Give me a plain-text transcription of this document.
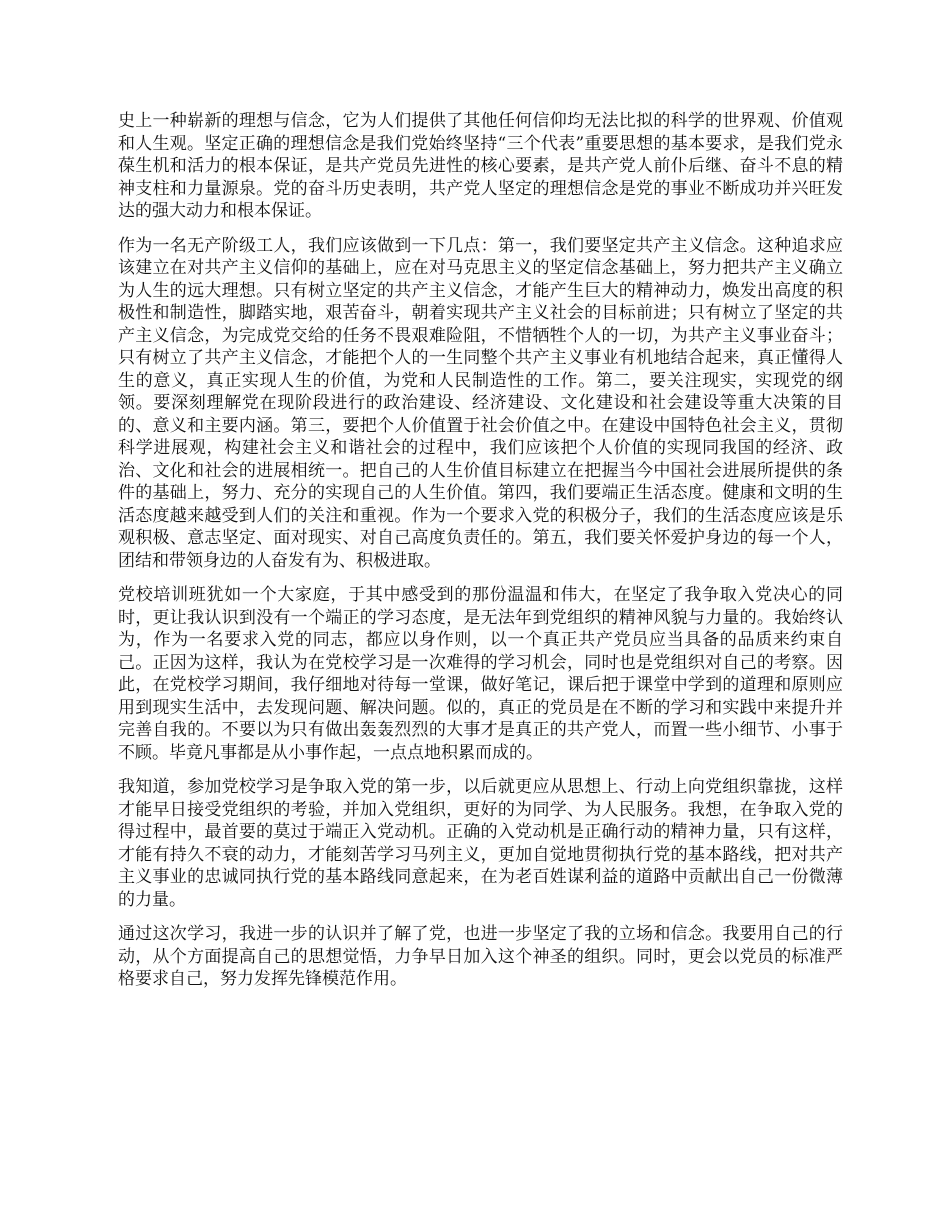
史上一种崭新的理想与信念，它为人们提供了其他任何信仰均无法比拟的科学的世界观、价值观和人生观。坚定正确的理想信念是我们党始终坚持“三个代表”重要思想的基本要求，是我们党永葆生机和活力的根本保证，是共产党员先进性的核心要素，是共产党人前仆后继、奋斗不息的精神支柱和力量源泉。党的奋斗历史表明，共产党人坚定的理想信念是党的事业不断成功并兴旺发达的强大动力和根本保证。

作为一名无产阶级工人，我们应该做到一下几点：第一，我们要坚定共产主义信念。这种追求应该建立在对共产主义信仰的基础上，应在对马克思主义的坚定信念基础上，努力把共产主义确立为人生的远大理想。只有树立坚定的共产主义信念，才能产生巨大的精神动力，焕发出高度的积极性和制造性，脚踏实地，艰苦奋斗，朝着实现共产主义社会的目标前进；只有树立了坚定的共产主义信念，为完成党交给的任务不畏艰难险阻，不惜牺牲个人的一切，为共产主义事业奋斗；只有树立了共产主义信念，才能把个人的一生同整个共产主义事业有机地结合起来，真正懂得人生的意义，真正实现人生的价值，为党和人民制造性的工作。第二，要关注现实，实现党的纲领。要深刻理解党在现阶段进行的政治建设、经济建设、文化建设和社会建设等重大决策的目的、意义和主要内涵。第三，要把个人价值置于社会价值之中。在建设中国特色社会主义，贯彻科学进展观，构建社会主义和谐社会的过程中，我们应该把个人价值的实现同我国的经济、政治、文化和社会的进展相统一。把自己的人生价值目标建立在把握当今中国社会进展所提供的条件的基础上，努力、充分的实现自己的人生价值。第四，我们要端正生活态度。健康和文明的生活态度越来越受到人们的关注和重视。作为一个要求入党的积极分子，我们的生活态度应该是乐观积极、意志坚定、面对现实、对自己高度负责任的。第五，我们要关怀爱护身边的每一个人，团结和带领身边的人奋发有为、积极进取。

党校培训班犹如一个大家庭，于其中感受到的那份温温和伟大，在坚定了我争取入党决心的同时，更让我认识到没有一个端正的学习态度，是无法年到党组织的精神风貌与力量的。我始终认为，作为一名要求入党的同志，都应以身作则，以一个真正共产党员应当具备的品质来约束自己。正因为这样，我认为在党校学习是一次难得的学习机会，同时也是党组织对自己的考察。因此，在党校学习期间，我仔细地对待每一堂课，做好笔记，课后把于课堂中学到的道理和原则应用到现实生活中，去发现问题、解决问题。似的，真正的党员是在不断的学习和实践中来提升并完善自我的。不要以为只有做出轰轰烈烈的大事才是真正的共产党人，而置一些小细节、小事于不顾。毕竟凡事都是从小事作起，一点点地积累而成的。

我知道，参加党校学习是争取入党的第一步，以后就更应从思想上、行动上向党组织靠拢，这样才能早日接受党组织的考验，并加入党组织，更好的为同学、为人民服务。我想，在争取入党的得过程中，最首要的莫过于端正入党动机。正确的入党动机是正确行动的精神力量，只有这样，才能有持久不衰的动力，才能刻苦学习马列主义，更加自觉地贯彻执行党的基本路线，把对共产主义事业的忠诚同执行党的基本路线同意起来，在为老百姓谋利益的道路中贡献出自己一份微薄的力量。

通过这次学习，我进一步的认识并了解了党，也进一步坚定了我的立场和信念。我要用自己的行动，从个方面提高自己的思想觉悟，力争早日加入这个神圣的组织。同时，更会以党员的标准严格要求自己，努力发挥先锋模范作用。
